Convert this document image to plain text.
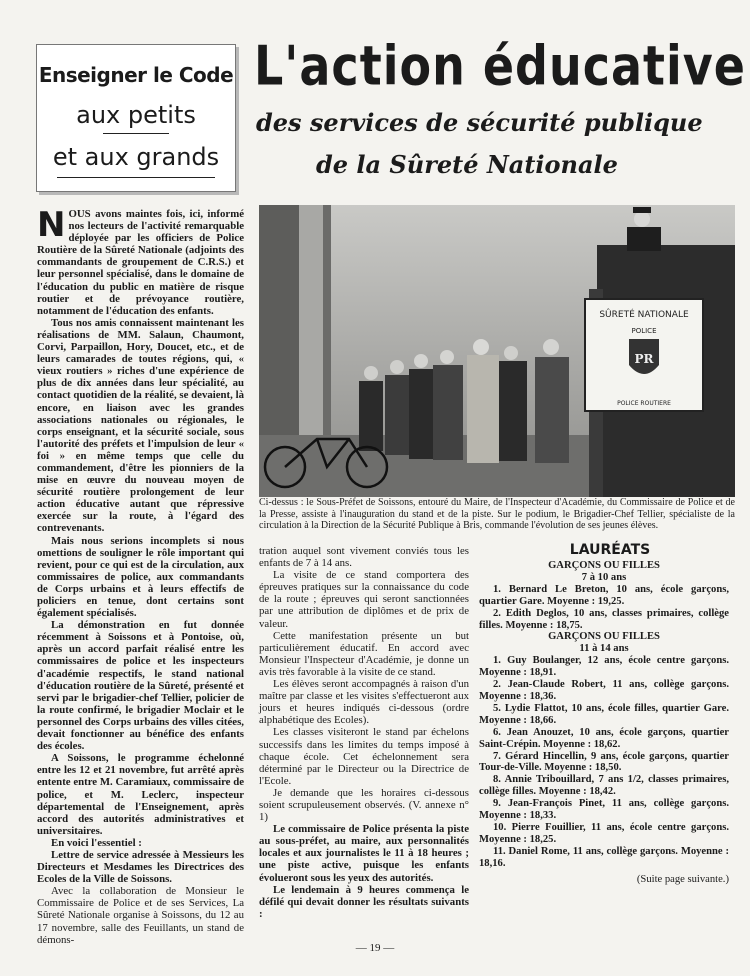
Enseigner le Code
aux petits
et aux grands
L'action éducative
des services de sécurité publique
de la Sûreté Nationale

NOUS avons maintes fois, ici, informé nos lecteurs de l'activité remarquable déployée par les officiers de Police Routière de la Sûreté Nationale (adjoints des commandants de groupement de C.R.S.) et leur personnel spécialisé, dans le domaine de l'éducation du public en matière de risque routier et de prévoyance routière, notamment de l'éducation des enfants.

Tous nos amis connaissent maintenant les réalisations de MM. Salaun, Chaumont, Corvi, Parpaillon, Hory, Doucet, etc., et de leurs camarades de toutes régions, qui, « vieux routiers » riches d'une expérience de plus de dix années dans leur spécialité, au contact quotidien de la réalité, se devaient, là encore, en liaison avec les grandes associations nationales ou régionales, le corps enseignant, et la sécurité sociale, sous l'autorité des préfets et l'impulsion de leur « foi » en même temps que celle du commandement, d'être les pionniers de la mise en œuvre du nouveau moyen de sécurité routière prolongement de leur action éducative autant que répressive exercée sur la route, à l'égard des contrevenants.

Mais nous serions incomplets si nous omettions de souligner le rôle important qui revient, pour ce qui est de la circulation, aux commissaires de police, aux commandants de Corps urbains et à leurs effectifs de policiers en tenue, dont certains sont également spécialisés.

La démonstration en fut donnée récemment à Soissons et à Pontoise, où, après un accord parfait réalisé entre les commissaires de police et les inspecteurs d'académie respectifs, le stand national d'éducation routière de la Sûreté, présenté et servi par le brigadier-chef Tellier, policier de la route confirmé, le brigadier Moclair et le personnel des Corps urbains des villes citées, devait fonctionner au bénéfice des enfants des écoles.

A Soissons, le programme échelonné entre les 12 et 21 novembre, fut arrêté après entente entre M. Caramiaux, commissaire de police, et M. Leclerc, inspecteur départemental de l'Enseignement, après accord des autorités administratives et universitaires.

En voici l'essentiel :

Lettre de service adressée à Messieurs les Directeurs et Mesdames les Directrices des Ecoles de la Ville de Soissons.

Avec la collaboration de Monsieur le Commissaire de Police et de ses Services, La Sûreté Nationale organise à Soissons, du 12 au 17 novembre, salle des Feuillants, un stand de démons-

SÛRETÉ NATIONALE
POLICE
PR
POLICE ROUTIERE
Ci-dessus : le Sous-Préfet de Soissons, entouré du Maire, de l'Inspecteur d'Académie, du Commissaire de Police et de la Presse, assiste à l'inauguration du stand et de la piste. Sur le podium, le Brigadier-Chef Tellier, spécialiste de la circulation à la Direction de la Sécurité Publique à Bris, commande l'évolution de ses jeunes élèves.

tration auquel sont vivement conviés tous les enfants de 7 à 14 ans.

La visite de ce stand comportera des épreuves pratiques sur la connaissance du code de la route ; épreuves qui seront sanctionnées par une attribution de diplômes et de prix de valeur.

Cette manifestation présente un but particulièrement éducatif. En accord avec Monsieur l'Inspecteur d'Académie, je donne un avis très favorable à la visite de ce stand.

Les élèves seront accompagnés à raison d'un maître par classe et les visites s'effectueront aux jours et heures indiqués ci-dessous (ordre alphabétique des Ecoles).

Les classes visiteront le stand par échelons successifs dans les limites du temps imposé à chaque école. Cet échelonnement sera déterminé par le Directeur ou la Directrice de l'Ecole.

Je demande que les horaires ci-dessous soient scrupuleusement observés. (V. annexe n° 1)

Le commissaire de Police présenta la piste au sous-préfet, au maire, aux personnalités locales et aux journalistes le 11 à 18 heures ; une piste active, puisque les enfants évolueront sous les yeux des autorités.

Le lendemain à 9 heures commença le défilé qui devait donner les résultats suivants :

LAURÉATS

GARÇONS OU FILLES

7 à 10 ans

1. Bernard Le Breton, 10 ans, école garçons, quartier Gare. Moyenne : 19,25.

2. Edith Deglos, 10 ans, classes primaires, collège filles. Moyenne : 18,75.

GARÇONS OU FILLES

11 à 14 ans

1. Guy Boulanger, 12 ans, école centre garçons. Moyenne : 18,91.

2. Jean-Claude Robert, 11 ans, collège garçons. Moyenne : 18,36.

5. Lydie Flattot, 10 ans, école filles, quartier Gare. Moyenne : 18,66.

6. Jean Anouzet, 10 ans, école garçons, quartier Saint-Crépin. Moyenne : 18,62.

7. Gérard Hincellin, 9 ans, école garçons, quartier Tour-de-Ville. Moyenne : 18,50.

8. Annie Tribouillard, 7 ans 1/2, classes primaires, collège filles. Moyenne : 18,42.

9. Jean-François Pinet, 11 ans, collège garçons. Moyenne : 18,33.

10. Pierre Fouillier, 11 ans, école centre garçons. Moyenne : 18,25.

11. Daniel Rome, 11 ans, collège garçons. Moyenne : 18,16.

(Suite page suivante.)

— 19 —
